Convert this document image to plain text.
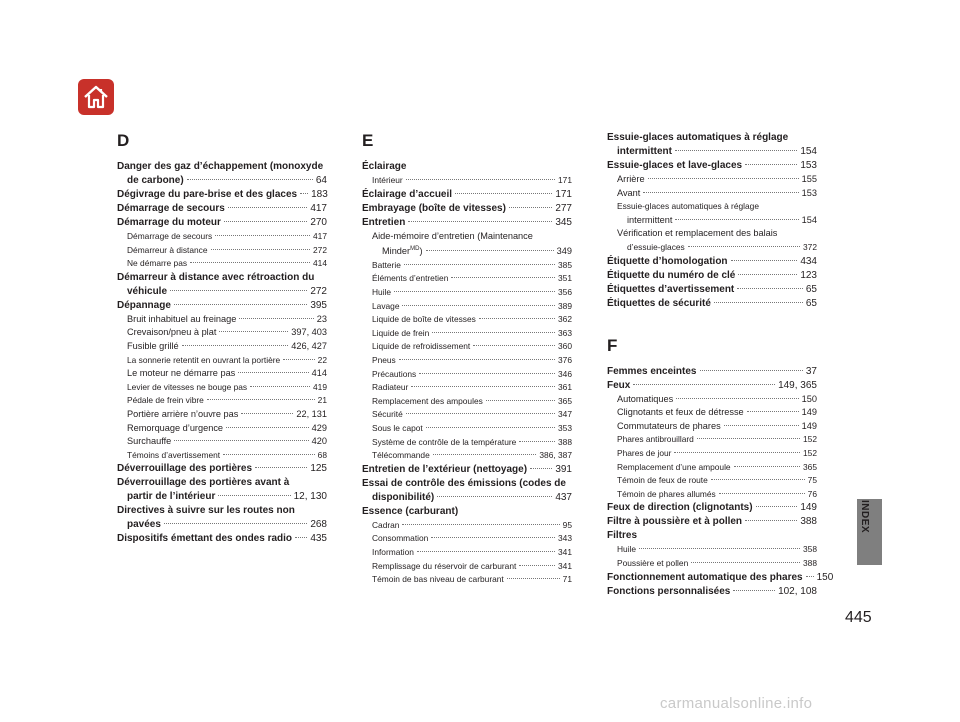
D
Danger des gaz d’échappement (monoxyde
de carbone)	64
Dégivrage du pare-brise et des glaces 183
Démarrage de secours	417
Démarrage du moteur	270
Démarrage de secours	417
Démarreur à distance	272
Ne démarre pas	414
Démarreur à distance avec rétroaction du
véhicule	272
Dépannage	395
Bruit inhabituel au freinage	23
Crevaison/pneu à plat	397, 403
Fusible grillé	426, 427
La sonnerie retentit en ouvrant la portière	22
Le moteur ne démarre pas	414
Levier de vitesses ne bouge pas	419
Pédale de frein vibre	21
Portière arrière n’ouvre pas	22, 131
Remorquage d’urgence	429
Surchauffe	420
Témoins d’avertissement	68
Déverrouillage des portières	125
Déverrouillage des portières avant à
partir de l’intérieur	12, 130
Directives à suivre sur les routes non
pavées	268
Dispositifs émettant des ondes radio 435
E
Éclairage
Intérieur	171
Éclairage d’accueil	171
Embrayage (boîte de vitesses)	277
Entretien	345
Aide-mémoire d’entretien (Maintenance
Minder$^{MD}$)	349
Batterie	385
Éléments d’entretien	351
Huile	356
Lavage	389
Liquide de boîte de vitesses	362
Liquide de frein	363
Liquide de refroidissement	360
Pneus	376
Précautions	346
Radiateur	361
Remplacement des ampoules	365
Sécurité	347
Sous le capot	353
Système de contrôle de la température	388
Télécommande	386, 387
Entretien de l’extérieur (nettoyage)	391
Essai de contrôle des émissions (codes de
disponibilité)	437
Essence (carburant)
Cadran	95
Consommation	343
Information	341
Remplissage du réservoir de carburant	341
Témoin de bas niveau de carburant	71
Essuie-glaces automatiques à réglage
intermittent	154
Essuie-glaces et lave-glaces	153
Arrière	155
Avant	153
Essuie-glaces automatiques à réglage
intermittent	154
Vérification et remplacement des balais
d’essuie-glaces	372
Étiquette d’homologation	434
Étiquette du numéro de clé	123
Étiquettes d’avertissement	65
Étiquettes de sécurité	65
F
Femmes enceintes	37
Feux	149, 365
Automatiques	150
Clignotants et feux de détresse	149
Commutateurs de phares	149
Phares antibrouillard	152
Phares de jour	152
Remplacement d’une ampoule	365
Témoin de feux de route	75
Témoin de phares allumés	76
Feux de direction (clignotants)	149
Filtre à poussière et à pollen	388
Filtres
Huile	358
Poussière et pollen	388
Fonctionnement automatique des phares 150
Fonctions personnalisées	102, 108
INDEX
445
carmanualsonline.info
